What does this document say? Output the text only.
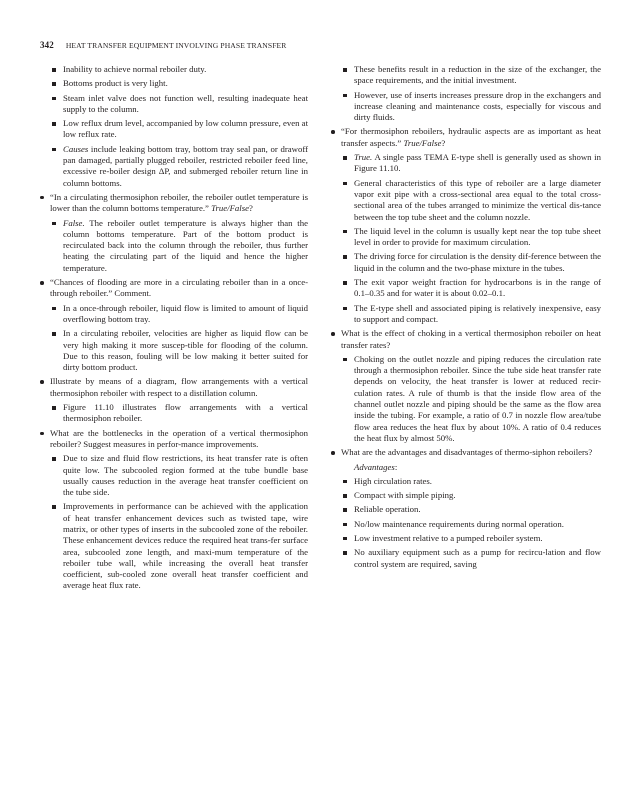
342 HEAT TRANSFER EQUIPMENT INVOLVING PHASE TRANSFER
Inability to achieve normal reboiler duty.
Bottoms product is very light.
Steam inlet valve does not function well, resulting inadequate heat supply to the column.
Low reflux drum level, accompanied by low column pressure, even at low reflux rate.
Causes include leaking bottom tray, bottom tray seal pan, or drawoff pan damaged, partially plugged reboiler, restricted reboiler feed line, excessive re-boiler design ΔP, and submerged reboiler return line in column bottoms.
“In a circulating thermosiphon reboiler, the reboiler outlet temperature is lower than the column bottoms temperature.” True/False?
False. The reboiler outlet temperature is always higher than the column bottoms temperature. Part of the bottom product is recirculated back into the column through the reboiler, thus further heating the circulating part of the liquid and hence the higher temperature.
“Chances of flooding are more in a circulating reboiler than in a once-through reboiler.” Comment.
In a once-through reboiler, liquid flow is limited to amount of liquid overflowing bottom tray.
In a circulating reboiler, velocities are higher as liquid flow can be very high making it more suscep-tible for flooding of the column. Due to this reason, fouling will be low making it better suited for dirty bottom product.
Illustrate by means of a diagram, flow arrangements with a vertical thermosiphon reboiler with respect to a distillation column.
Figure 11.10 illustrates flow arrangements with a vertical thermosiphon reboiler.
What are the bottlenecks in the operation of a vertical thermosiphon reboiler? Suggest measures in perfor-mance improvements.
Due to size and fluid flow restrictions, its heat transfer rate is often quite low. The subcooled region formed at the tube bundle base usually causes reduction in the average heat transfer coefficient on the tube side.
Improvements in performance can be achieved with the application of heat transfer enhancement devices such as twisted tape, wire matrix, or other types of inserts in the subcooled zone of the reboiler. These enhancement devices reduce the required heat trans-fer surface area, subcooled zone length, and maxi-mum temperature of the reboiler tube wall, while increasing the overall heat transfer coefficient, sub-cooled zone overall heat transfer coefficient and average heat flux rate.
These benefits result in a reduction in the size of the exchanger, the space requirements, and the initial investment.
However, use of inserts increases pressure drop in the exchangers and increase cleaning and maintenance costs, especially for viscous and dirty fluids.
“For thermosiphon reboilers, hydraulic aspects are as important as heat transfer aspects.” True/False?
True. A single pass TEMA E-type shell is generally used as shown in Figure 11.10.
General characteristics of this type of reboiler are a large diameter vapor exit pipe with a cross-sectional area equal to the total cross-sectional area of the tubes arranged to minimize the vertical dis-tance between the top tube sheet and the column nozzle.
The liquid level in the column is usually kept near the top tube sheet level in order to provide for maximum circulation.
The driving force for circulation is the density dif-ference between the liquid in the column and the two-phase mixture in the tubes.
The exit vapor weight fraction for hydrocarbons is in the range of 0.1–0.35 and for water it is about 0.02–0.1.
The E-type shell and associated piping is relatively inexpensive, easy to support and compact.
What is the effect of choking in a vertical thermosiphon reboiler on heat transfer rates?
Choking on the outlet nozzle and piping reduces the circulation rate through a thermosiphon reboiler. Since the tube side heat transfer rate depends on velocity, the heat transfer is lower at reduced recir-culation rates. A rule of thumb is that the inside flow area of the channel outlet nozzle and piping should be the same as the flow area inside the tubing. For example, a ratio of 0.7 in nozzle flow area/tube flow area reduces the heat flux by about 10%. A ratio of 0.4 reduces the heat flux by almost 50%.
What are the advantages and disadvantages of thermo-siphon reboilers?
Advantages:
High circulation rates.
Compact with simple piping.
Reliable operation.
No/low maintenance requirements during normal operation.
Low investment relative to a pumped reboiler system.
No auxiliary equipment such as a pump for recircu-lation and flow control system are required, saving
